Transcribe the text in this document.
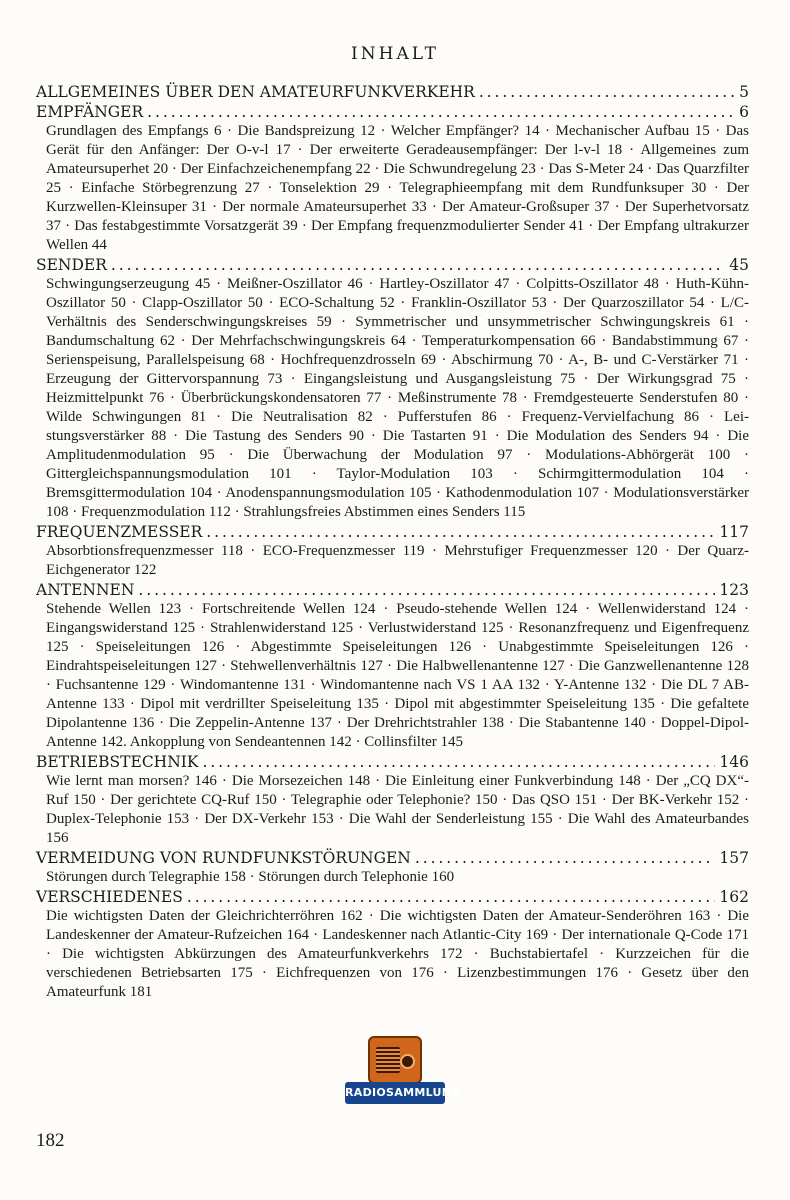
INHALT
ALLGEMEINES ÜBER DEN AMATEURFUNKVERKEHR . . .	5
EMPFÄNGER . . .	6

Grundlagen des Empfangs 6 · Die Bandspreizung 12 · Welcher Empfänger? 14 · Mechanischer Aufbau 15 · Das Gerät für den Anfänger: Der O-v-l 17 · Der erweiterte Geradeausempfänger: Der l-v-l 18 · Allgemeines zum Amateursuperhet 20 · Der Einfachzeichenempfang 22 · Die Schwundregelung 23 · Das S-Meter 24 · Das Quarzfilter 25 · Einfache Störbegrenzung 27 · Tonselektion 29 · Telegraphieempfang mit dem Rundfunksuper 30 · Der Kurzwellen-Kleinsuper 31 · Der normale Amateursuperhet 33 · Der Amateur-Großsuper 37 · Der Superhetvorsatz 37 · Das festabgestimmte Vorsatzgerät 39 · Der Empfang frequenzmodulierter Sender 41 · Der Empfang ultrakurzer Wellen 44

SENDER . . .	45

Schwingungserzeugung 45 · Meißner-Oszillator 46 · Hartley-Oszillator 47 · Colpitts-Oszillator 48 · Huth-Kühn-Oszillator 50 · Clapp-Oszillator 50 · ECO-Schaltung 52 · Franklin-Oszillator 53 · Der Quarzoszillator 54 · L/C-Verhältnis des Senderschwingungskreises 59 · Symmetrischer und unsymmetrischer Schwingungskreis 61 · Bandumschaltung 62 · Der Mehrfachschwingungskreis 64 · Temperaturkompensation 66 · Bandabstimmung 67 · Serienspeisung, Parallelspeisung 68 · Hochfrequenzdrosseln 69 · Abschirmung 70 · A-, B- und C-Verstärker 71 · Erzeugung der Gittervorspannung 73 · Eingangsleistung und Ausgangsleistung 75 · Der Wirkungsgrad 75 · Heizmittelpunkt 76 · Überbrückungskondensatoren 77 · Meßinstrumente 78 · Fremdgesteuerte Senderstufen 80 · Wilde Schwingungen 81 · Die Neutralisation 82 · Pufferstufen 86 · Frequenz-Vervielfachung 86 · Leistungsverstärker 88 · Die Tastung des Senders 90 · Die Tastarten 91 · Die Modulation des Senders 94 · Die Amplitudenmodulation 95 · Die Überwachung der Modulation 97 · Modulations-Abhörgerät 100 · Gittergleichspannungsmodulation 101 · Taylor-Modulation 103 · Schirmgittermodulation 104 · Bremsgittermodulation 104 · Anodenspannungsmodulation 105 · Kathodenmodulation 107 · Modulationsverstärker 108 · Frequenzmodulation 112 · Strahlungsfreies Abstimmen eines Senders 115

FREQUENZMESSER . . .	117

Absorbtionsfrequenzmesser 118 · ECO-Frequenzmesser 119 · Mehrstufiger Frequenzmesser 120 · Der Quarz-Eichgenerator 122

ANTENNEN . . .	123

Stehende Wellen 123 · Fortschreitende Wellen 124 · Pseudo-stehende Wellen 124 · Wellenwiderstand 124 · Eingangswiderstand 125 · Strahlenwiderstand 125 · Verlustwiderstand 125 · Resonanzfrequenz und Eigenfrequenz 125 · Speiseleitungen 126 · Abgestimmte Speiseleitungen 126 · Unabgestimmte Speiseleitungen 126 · Eindrahtspeiseleitungen 127 · Stehwellenverhältnis 127 · Die Halbwellenantenne 127 · Die Ganzwellenantenne 128 · Fuchsantenne 129 · Windomantenne 131 · Windomantenne nach VS 1 AA 132 · Y-Antenne 132 · Die DL 7 AB-Antenne 133 · Dipol mit verdrillter Speiseleitung 135 · Dipol mit abgestimmter Speiseleitung 135 · Die gefaltete Dipolantenne 136 · Die Zeppelin-Antenne 137 · Der Drehrichtstrahler 138 · Die Stabantenne 140 · Doppel-Dipol-Antenne 142. Ankopplung von Sendeantennen 142 · Collinsfilter 145

BETRIEBSTECHNIK . . .	146

Wie lernt man morsen? 146 · Die Morsezeichen 148 · Die Einleitung einer Funkverbindung 148 · Der „CQ DX“-Ruf 150 · Der gerichtete CQ-Ruf 150 · Telegraphie oder Telephonie? 150 · Das QSO 151 · Der BK-Verkehr 152 · Duplex-Telephonie 153 · Der DX-Verkehr 153 · Die Wahl der Senderleistung 155 · Die Wahl des Amateurbandes 156

VERMEIDUNG VON RUNDFUNKSTÖRUNGEN . . .	157

Störungen durch Telegraphie 158 · Störungen durch Telephonie 160

VERSCHIEDENES . . .	162

Die wichtigsten Daten der Gleichrichterröhren 162 · Die wichtigsten Daten der Amateur-Senderöhren 163 · Die Landeskenner der Amateur-Rufzeichen 164 · Landeskenner nach Atlantic-City 169 · Der internationale Q-Code 171 · Die wichtigsten Abkürzungen des Amateurfunkverkehrs 172 · Buchstabiertafel · Kurzzeichen für die verschiedenen Betriebsarten 175 · Eichfrequenzen von 176 · Lizenzbestimmungen 176 · Gesetz über den Amateurfunk 181

RADIOSAMMLUNG
182
